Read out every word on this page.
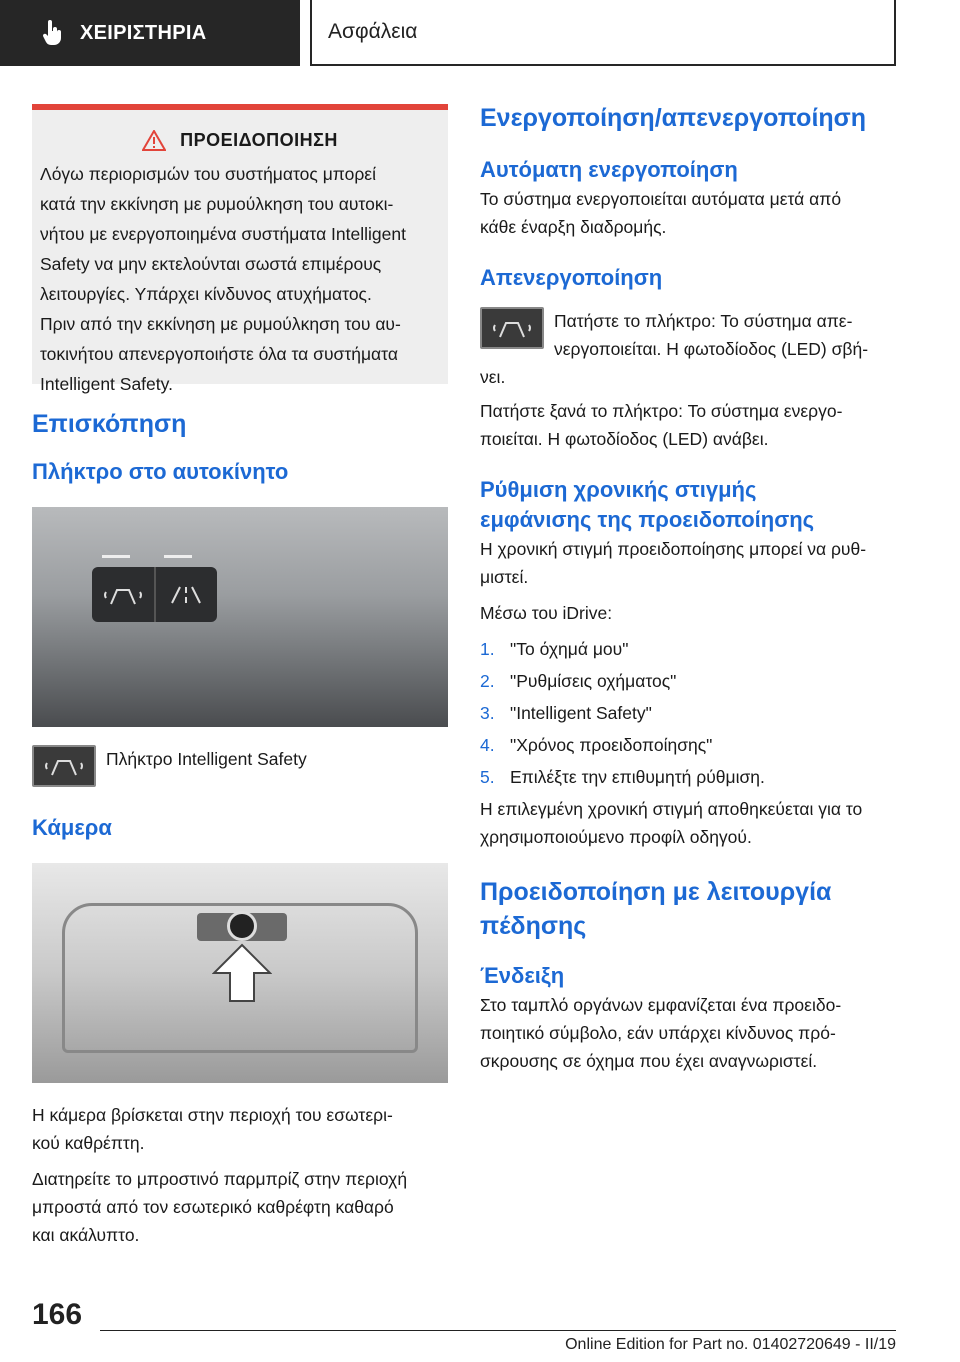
ΧΕΙΡΙΣΤΗΡΙΑ	Ασφάλεια
ΠΡΟΕΙΔΟΠΟΙΗΣΗ
Λόγω περιορισμών του συστήματος μπορεί
κατά την εκκίνηση με ρυμούλκηση του αυτοκι-
νήτου με ενεργοποιημένα συστήματα Intelligent
Safety να μην εκτελούνται σωστά επιμέρους
λειτουργίες. Υπάρχει κίνδυνος ατυχήματος.
Πριν από την εκκίνηση με ρυμούλκηση του αυ-
τοκινήτου απενεργοποιήστε όλα τα συστήματα
Intelligent Safety.
Επισκόπηση
Πλήκτρο στο αυτοκίνητο

Πλήκτρο Intelligent Safety

Κάμερα

Η κάμερα βρίσκεται στην περιοχή του εσωτερι-

κού καθρέπτη.

Διατηρείτε το μπροστινό παρμπρίζ στην περιοχή

μπροστά από τον εσωτερικό καθρέφτη καθαρό

και ακάλυπτο.

Ενεργοποίηση/απενεργοποίηση
Αυτόματη ενεργοποίηση

Το σύστημα ενεργοποιείται αυτόματα μετά από

κάθε έναρξη διαδρομής.

Απενεργοποίηση

Πατήστε το πλήκτρο: Το σύστημα απε-

νεργοποιείται. Η φωτοδίοδος (LED) σβή-

νει.

Πατήστε ξανά το πλήκτρο: Το σύστημα ενεργο-

ποιείται. Η φωτοδίοδος (LED) ανάβει.

Ρύθμιση χρονικής στιγμής
εμφάνισης της προειδοποίησης

Η χρονική στιγμή προειδοποίησης μπορεί να ρυθ-

μιστεί.

Μέσω του iDrive:

1. "Το όχημά μου"
2. "Ρυθμίσεις οχήματος"
3. "Intelligent Safety"
4. "Χρόνος προειδοποίησης"
5. Επιλέξτε την επιθυμητή ρύθμιση.

Η επιλεγμένη χρονική στιγμή αποθηκεύεται για το

χρησιμοποιούμενο προφίλ οδηγού.

Προειδοποίηση με λειτουργία
πέδησης
Ένδειξη

Στο ταμπλό οργάνων εμφανίζεται ένα προειδο-

ποιητικό σύμβολο, εάν υπάρχει κίνδυνος πρό-

σκρουσης σε όχημα που έχει αναγνωριστεί.

166
Online Edition for Part no. 01402720649 - II/19
